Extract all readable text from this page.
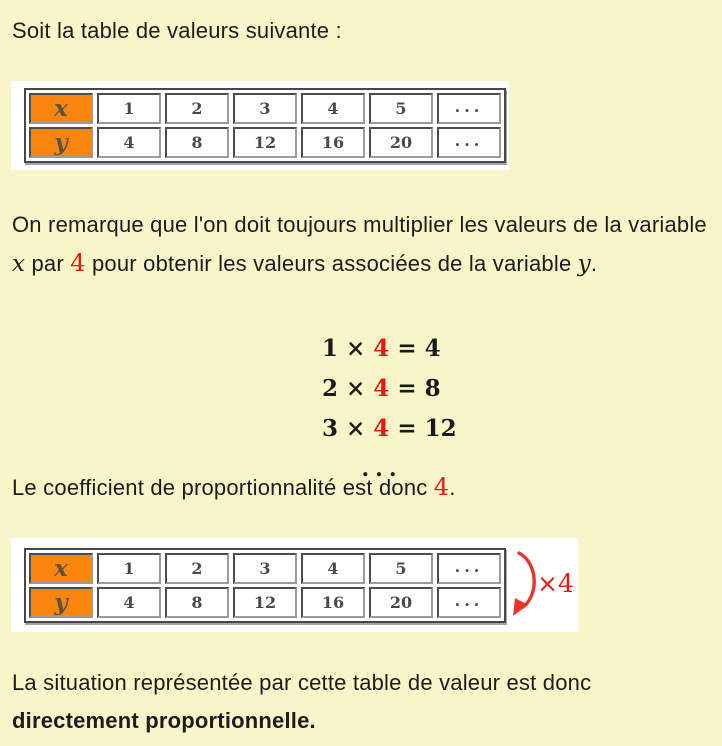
Soit la table de valeurs suivante :
x	1	2	3	4	5	...
y	4	8	12	16	20	...
On remarque que l'on doit toujours multiplier les valeurs de la variable x par 4 pour obtenir les valeurs associées de la variable y.
1 × 4 = 4
2 × 4 = 8
3 × 4 = 12
...
Le coefficient de proportionnalité est donc 4.
x	1	2	3	4	5	...
y	4	8	12	16	20	...
×4
La situation représentée par cette table de valeur est donc directement proportionnelle.
